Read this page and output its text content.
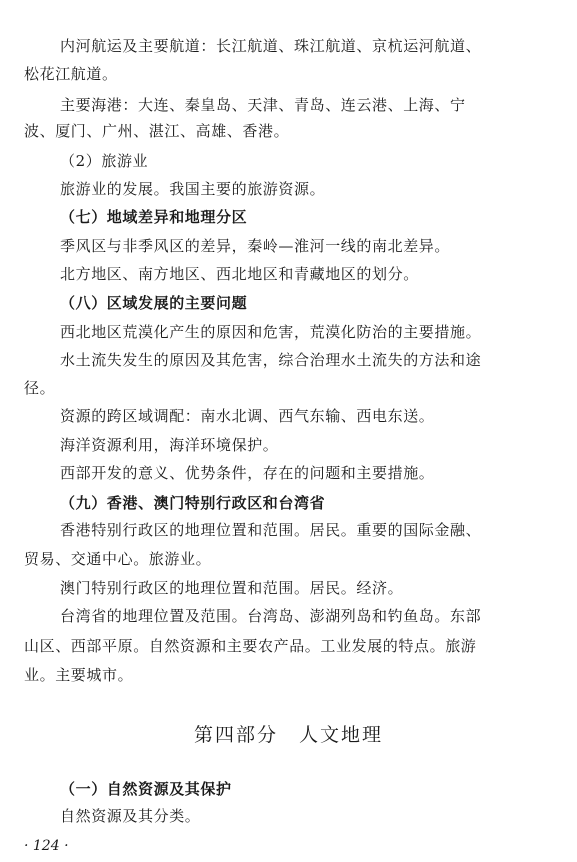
内河航运及主要航道：长江航道、珠江航道、京杭运河航道、
松花江航道。
主要海港：大连、秦皇岛、天津、青岛、连云港、上海、宁
波、厦门、广州、湛江、高雄、香港。
（2）旅游业
旅游业的发展。我国主要的旅游资源。
（七）地域差异和地理分区
季风区与非季风区的差异，秦岭—淮河一线的南北差异。
北方地区、南方地区、西北地区和青藏地区的划分。
（八）区域发展的主要问题
西北地区荒漠化产生的原因和危害，荒漠化防治的主要措施。
水土流失发生的原因及其危害，综合治理水土流失的方法和途
径。
资源的跨区域调配：南水北调、西气东输、西电东送。
海洋资源利用，海洋环境保护。
西部开发的意义、优势条件，存在的问题和主要措施。
（九）香港、澳门特别行政区和台湾省
香港特别行政区的地理位置和范围。居民。重要的国际金融、
贸易、交通中心。旅游业。
澳门特别行政区的地理位置和范围。居民。经济。
台湾省的地理位置及范围。台湾岛、澎湖列岛和钓鱼岛。东部
山区、西部平原。自然资源和主要农产品。工业发展的特点。旅游
业。主要城市。
第四部分　人文地理
（一）自然资源及其保护
自然资源及其分类。
· 124 ·
